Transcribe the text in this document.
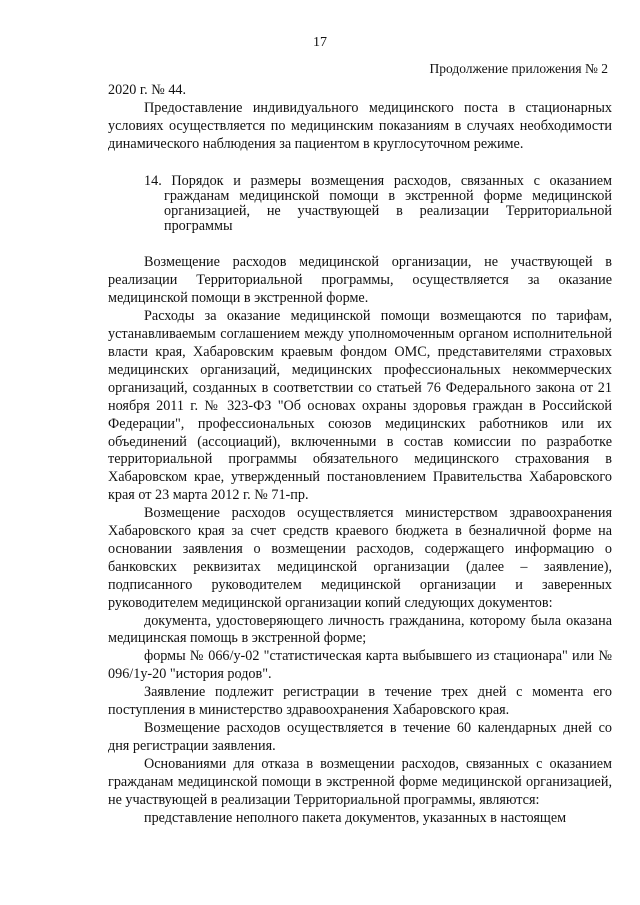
17
Продолжение приложения № 2

2020 г. № 44.

Предоставление индивидуального медицинского поста в стационарных условиях осуществляется по медицинским показаниям в случаях необходимости динамического наблюдения за пациентом в круглосуточном режиме.

14. Порядок и размеры возмещения расходов, связанных с оказанием гражданам медицинской помощи в экстренной форме медицинской организацией, не участвующей в реализации Территориальной программы

Возмещение расходов медицинской организации, не участвующей в реализации Территориальной программы, осуществляется за оказание медицинской помощи в экстренной форме.

Расходы за оказание медицинской помощи возмещаются по тарифам, устанавливаемым соглашением между уполномоченным органом исполнительной власти края, Хабаровским краевым фондом ОМС, представителями страховых медицинских организаций, медицинских профессиональных некоммерческих организаций, созданных в соответствии со статьей 76 Федерального закона от 21 ноября 2011 г. № 323-ФЗ "Об основах охраны здоровья граждан в Российской Федерации", профессиональных союзов медицинских работников или их объединений (ассоциаций), включенными в состав комиссии по разработке территориальной программы обязательного медицинского страхования в Хабаровском крае, утвержденный постановлением Правительства Хабаровского края от 23 марта 2012 г. № 71-пр.

Возмещение расходов осуществляется министерством здравоохранения Хабаровского края за счет средств краевого бюджета в безналичной форме на основании заявления о возмещении расходов, содержащего информацию о банковских реквизитах медицинской организации (далее – заявление), подписанного руководителем медицинской организации и заверенных руководителем медицинской организации копий следующих документов:

документа, удостоверяющего личность гражданина, которому была оказана медицинская помощь в экстренной форме;

формы № 066/у-02 "статистическая карта выбывшего из стационара" или № 096/1у-20 "история родов".

Заявление подлежит регистрации в течение трех дней с момента его поступления в министерство здравоохранения Хабаровского края.

Возмещение расходов осуществляется в течение 60 календарных дней со дня регистрации заявления.

Основаниями для отказа в возмещении расходов, связанных с оказанием гражданам медицинской помощи в экстренной форме медицинской организацией, не участвующей в реализации Территориальной программы, являются:

представление неполного пакета документов, указанных в настоящем
